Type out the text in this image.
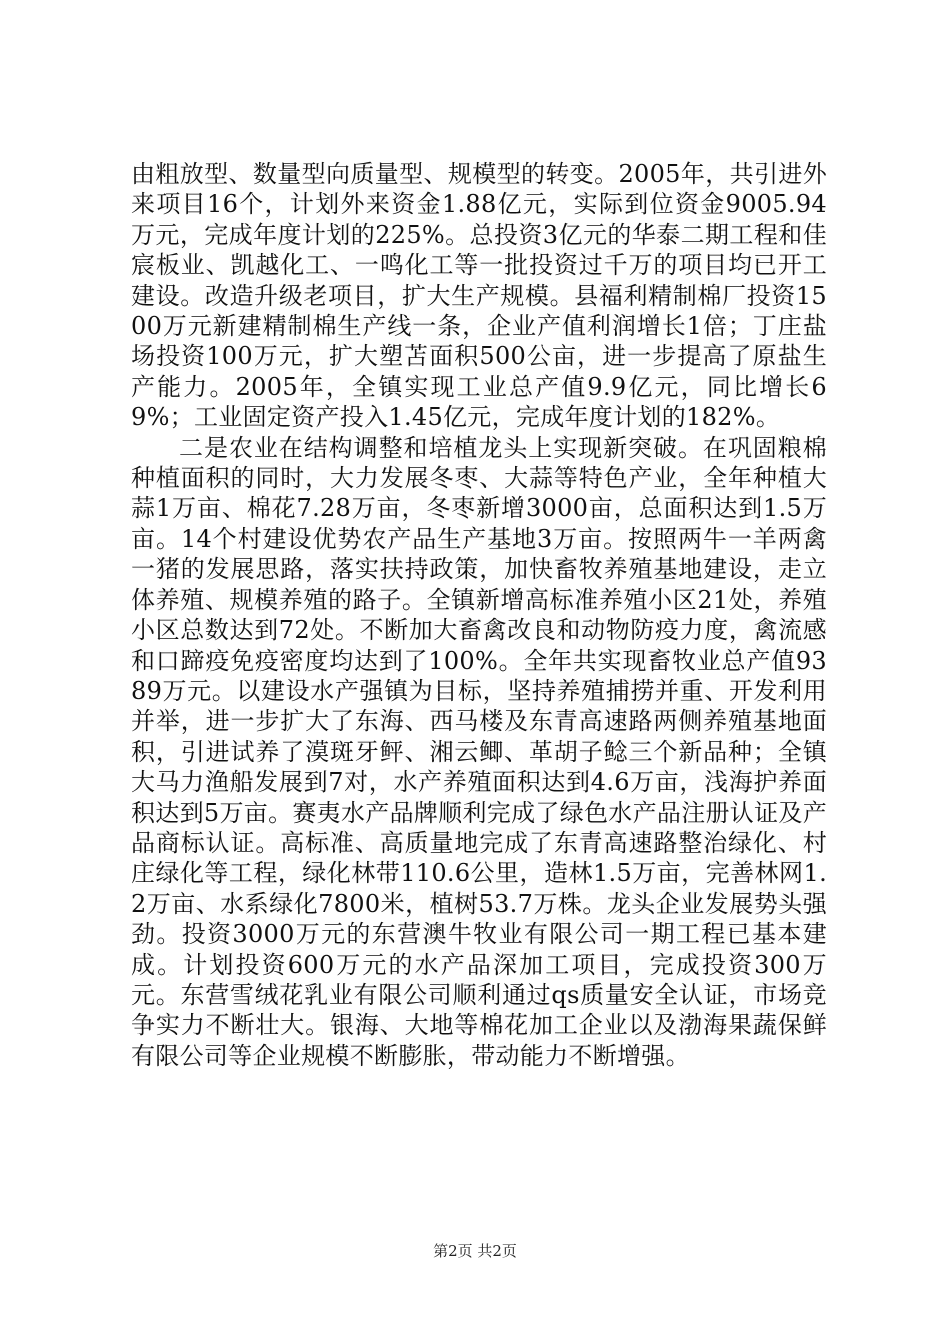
由粗放型、数量型向质量型、规模型的转变。2005年，共引进外来项目16个，计划外来资金1.88亿元，实际到位资金9005.94万元，完成年度计划的225%。总投资3亿元的华泰二期工程和佳宸板业、凯越化工、一鸣化工等一批投资过千万的项目均已开工建设。改造升级老项目，扩大生产规模。县福利精制棉厂投资1500万元新建精制棉生产线一条，企业产值利润增长1倍；丁庄盐场投资100万元，扩大塑苫面积500公亩，进一步提高了原盐生产能力。2005年，全镇实现工业总产值9.9亿元，同比增长69%；工业固定资产投入1.45亿元，完成年度计划的182%。

二是农业在结构调整和培植龙头上实现新突破。在巩固粮棉种植面积的同时，大力发展冬枣、大蒜等特色产业，全年种植大蒜1万亩、棉花7.28万亩，冬枣新增3000亩，总面积达到1.5万亩。14个村建设优势农产品生产基地3万亩。按照两牛一羊两禽一猪的发展思路，落实扶持政策，加快畜牧养殖基地建设，走立体养殖、规模养殖的路子。全镇新增高标准养殖小区21处，养殖小区总数达到72处。不断加大畜禽改良和动物防疫力度，禽流感和口蹄疫免疫密度均达到了100%。全年共实现畜牧业总产值9389万元。以建设水产强镇为目标，坚持养殖捕捞并重、开发利用并举，进一步扩大了东海、西马楼及东青高速路两侧养殖基地面积，引进试养了漠斑牙鲆、湘云鲫、革胡子鲶三个新品种；全镇大马力渔船发展到7对，水产养殖面积达到4.6万亩，浅海护养面积达到5万亩。赛夷水产品牌顺利完成了绿色水产品注册认证及产品商标认证。高标准、高质量地完成了东青高速路整治绿化、村庄绿化等工程，绿化林带110.6公里，造林1.5万亩，完善林网1.2万亩、水系绿化7800米，植树53.7万株。龙头企业发展势头强劲。投资3000万元的东营澳牛牧业有限公司一期工程已基本建成。计划投资600万元的水产品深加工项目，完成投资300万元。东营雪绒花乳业有限公司顺利通过qs质量安全认证，市场竞争实力不断壮大。银海、大地等棉花加工企业以及渤海果蔬保鲜有限公司等企业规模不断膨胀，带动能力不断增强。

第2页 共2页
